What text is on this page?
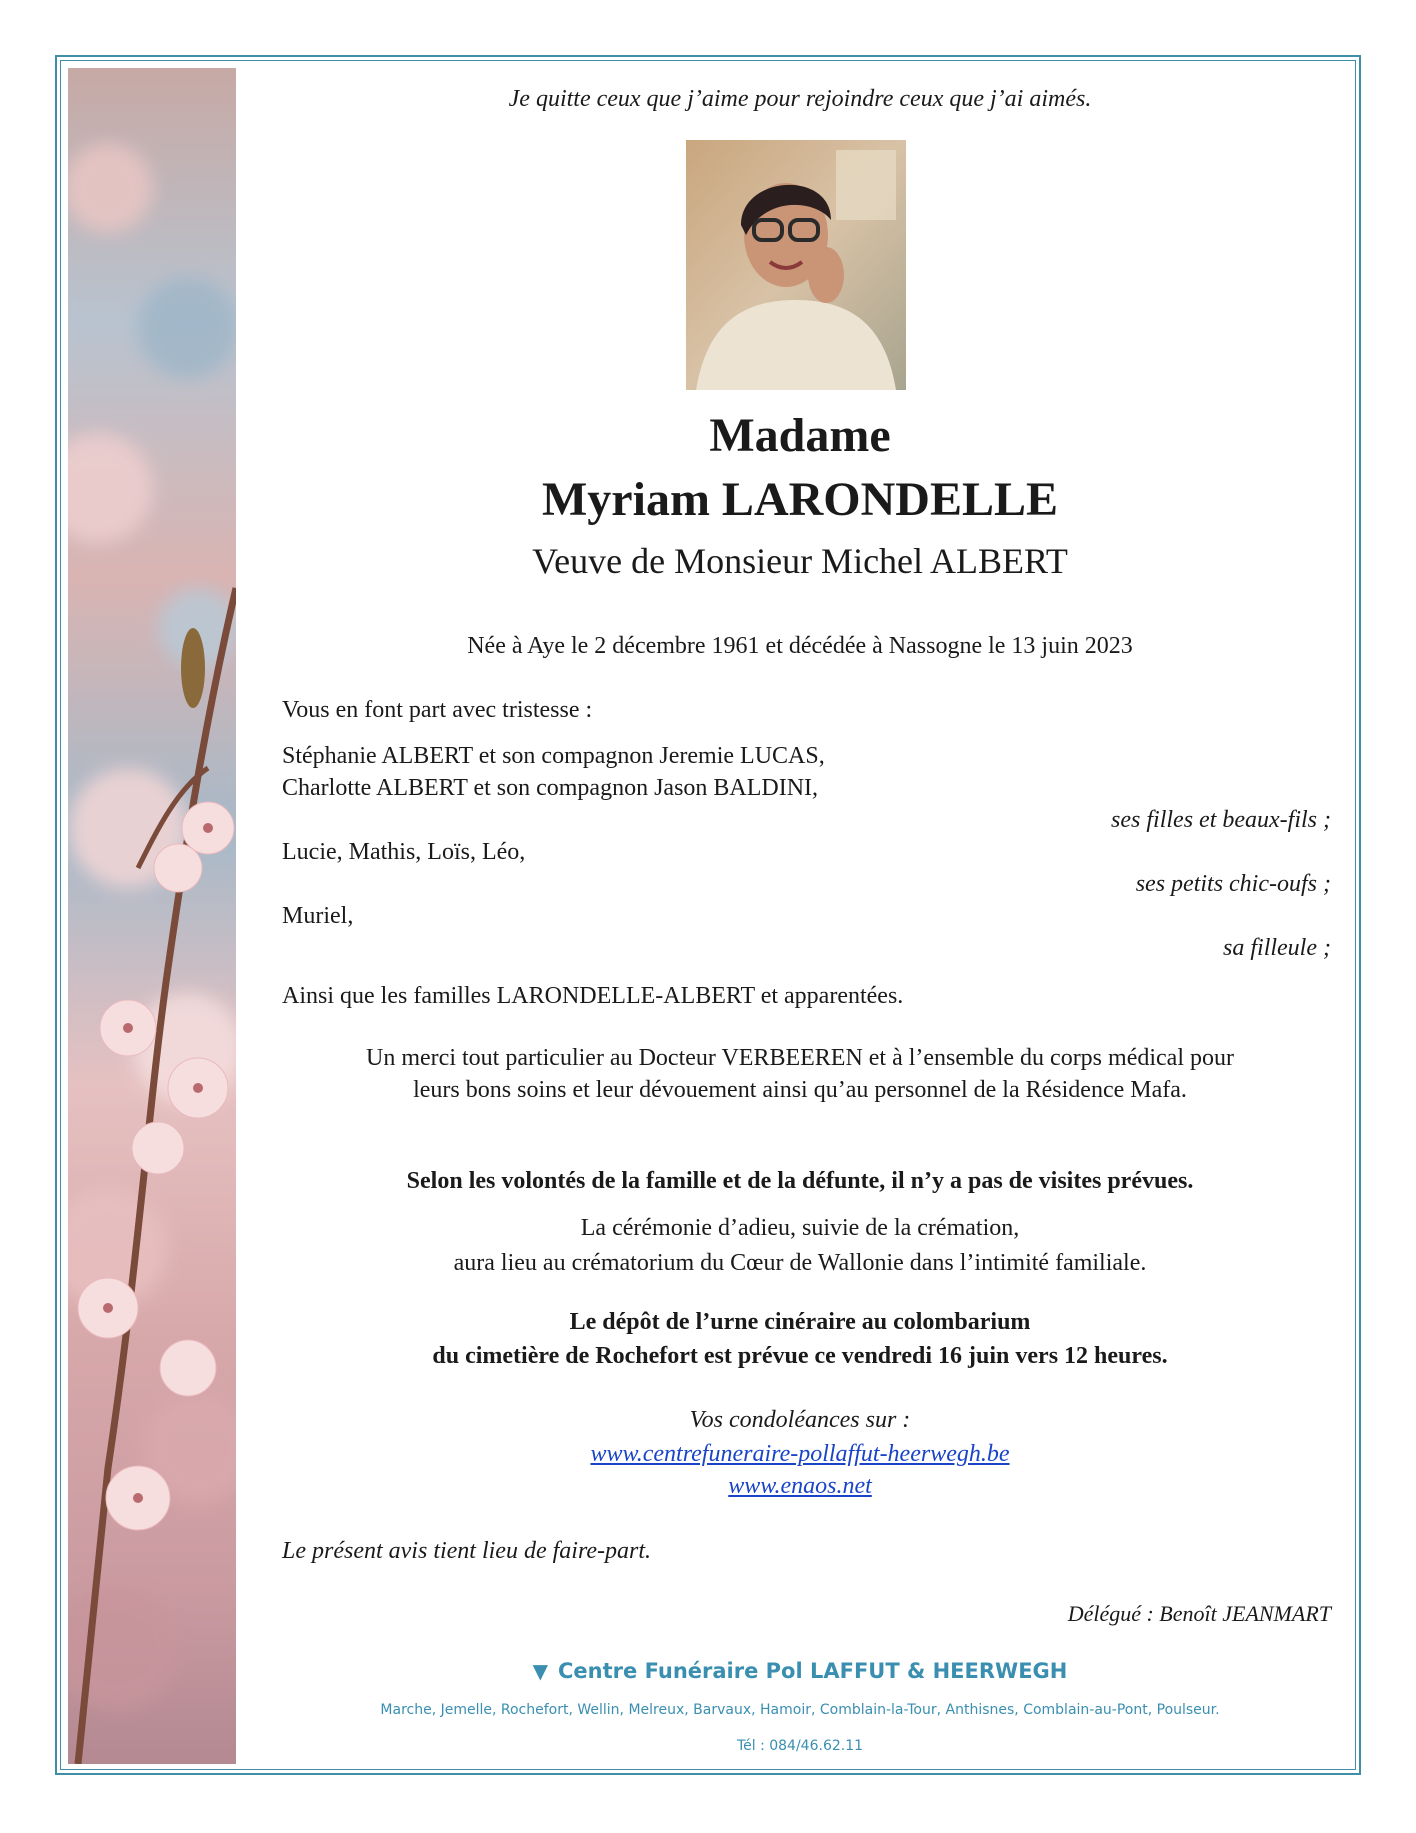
Je quitte ceux que j’aime pour rejoindre ceux que j’ai aimés.
Madame
Myriam LARONDELLE
Veuve de Monsieur Michel ALBERT
Née à Aye le 2 décembre 1961 et décédée à Nassogne le 13 juin 2023
Vous en font part avec tristesse :
Stéphanie ALBERT et son compagnon Jeremie LUCAS,
Charlotte ALBERT et son compagnon Jason BALDINI,
ses filles et beaux-fils ;
Lucie, Mathis, Loïs, Léo,
ses petits chic-oufs ;
Muriel,
sa filleule ;
Ainsi que les familles LARONDELLE-ALBERT et apparentées.
Un merci tout particulier au Docteur VERBEEREN et à l’ensemble du corps médical pour
leurs bons soins et leur dévouement ainsi qu’au personnel de la Résidence Mafa.
Selon les volontés de la famille et de la défunte, il n’y a pas de visites prévues.
La cérémonie d’adieu, suivie de la crémation,
aura lieu au crématorium du Cœur de Wallonie dans l’intimité familiale.
Le dépôt de l’urne cinéraire au colombarium
du cimetière de Rochefort est prévue ce vendredi 16 juin vers 12 heures.
Vos condoléances sur :
www.centrefuneraire-pollaffut-heerwegh.be
www.enaos.net
Le présent avis tient lieu de faire-part.
Délégué : Benoît JEANMART
▼ Centre Funéraire Pol LAFFUT & HEERWEGH
Marche, Jemelle, Rochefort, Wellin, Melreux, Barvaux, Hamoir, Comblain-la-Tour, Anthisnes, Comblain-au-Pont, Poulseur.
Tél : 084/46.62.11
